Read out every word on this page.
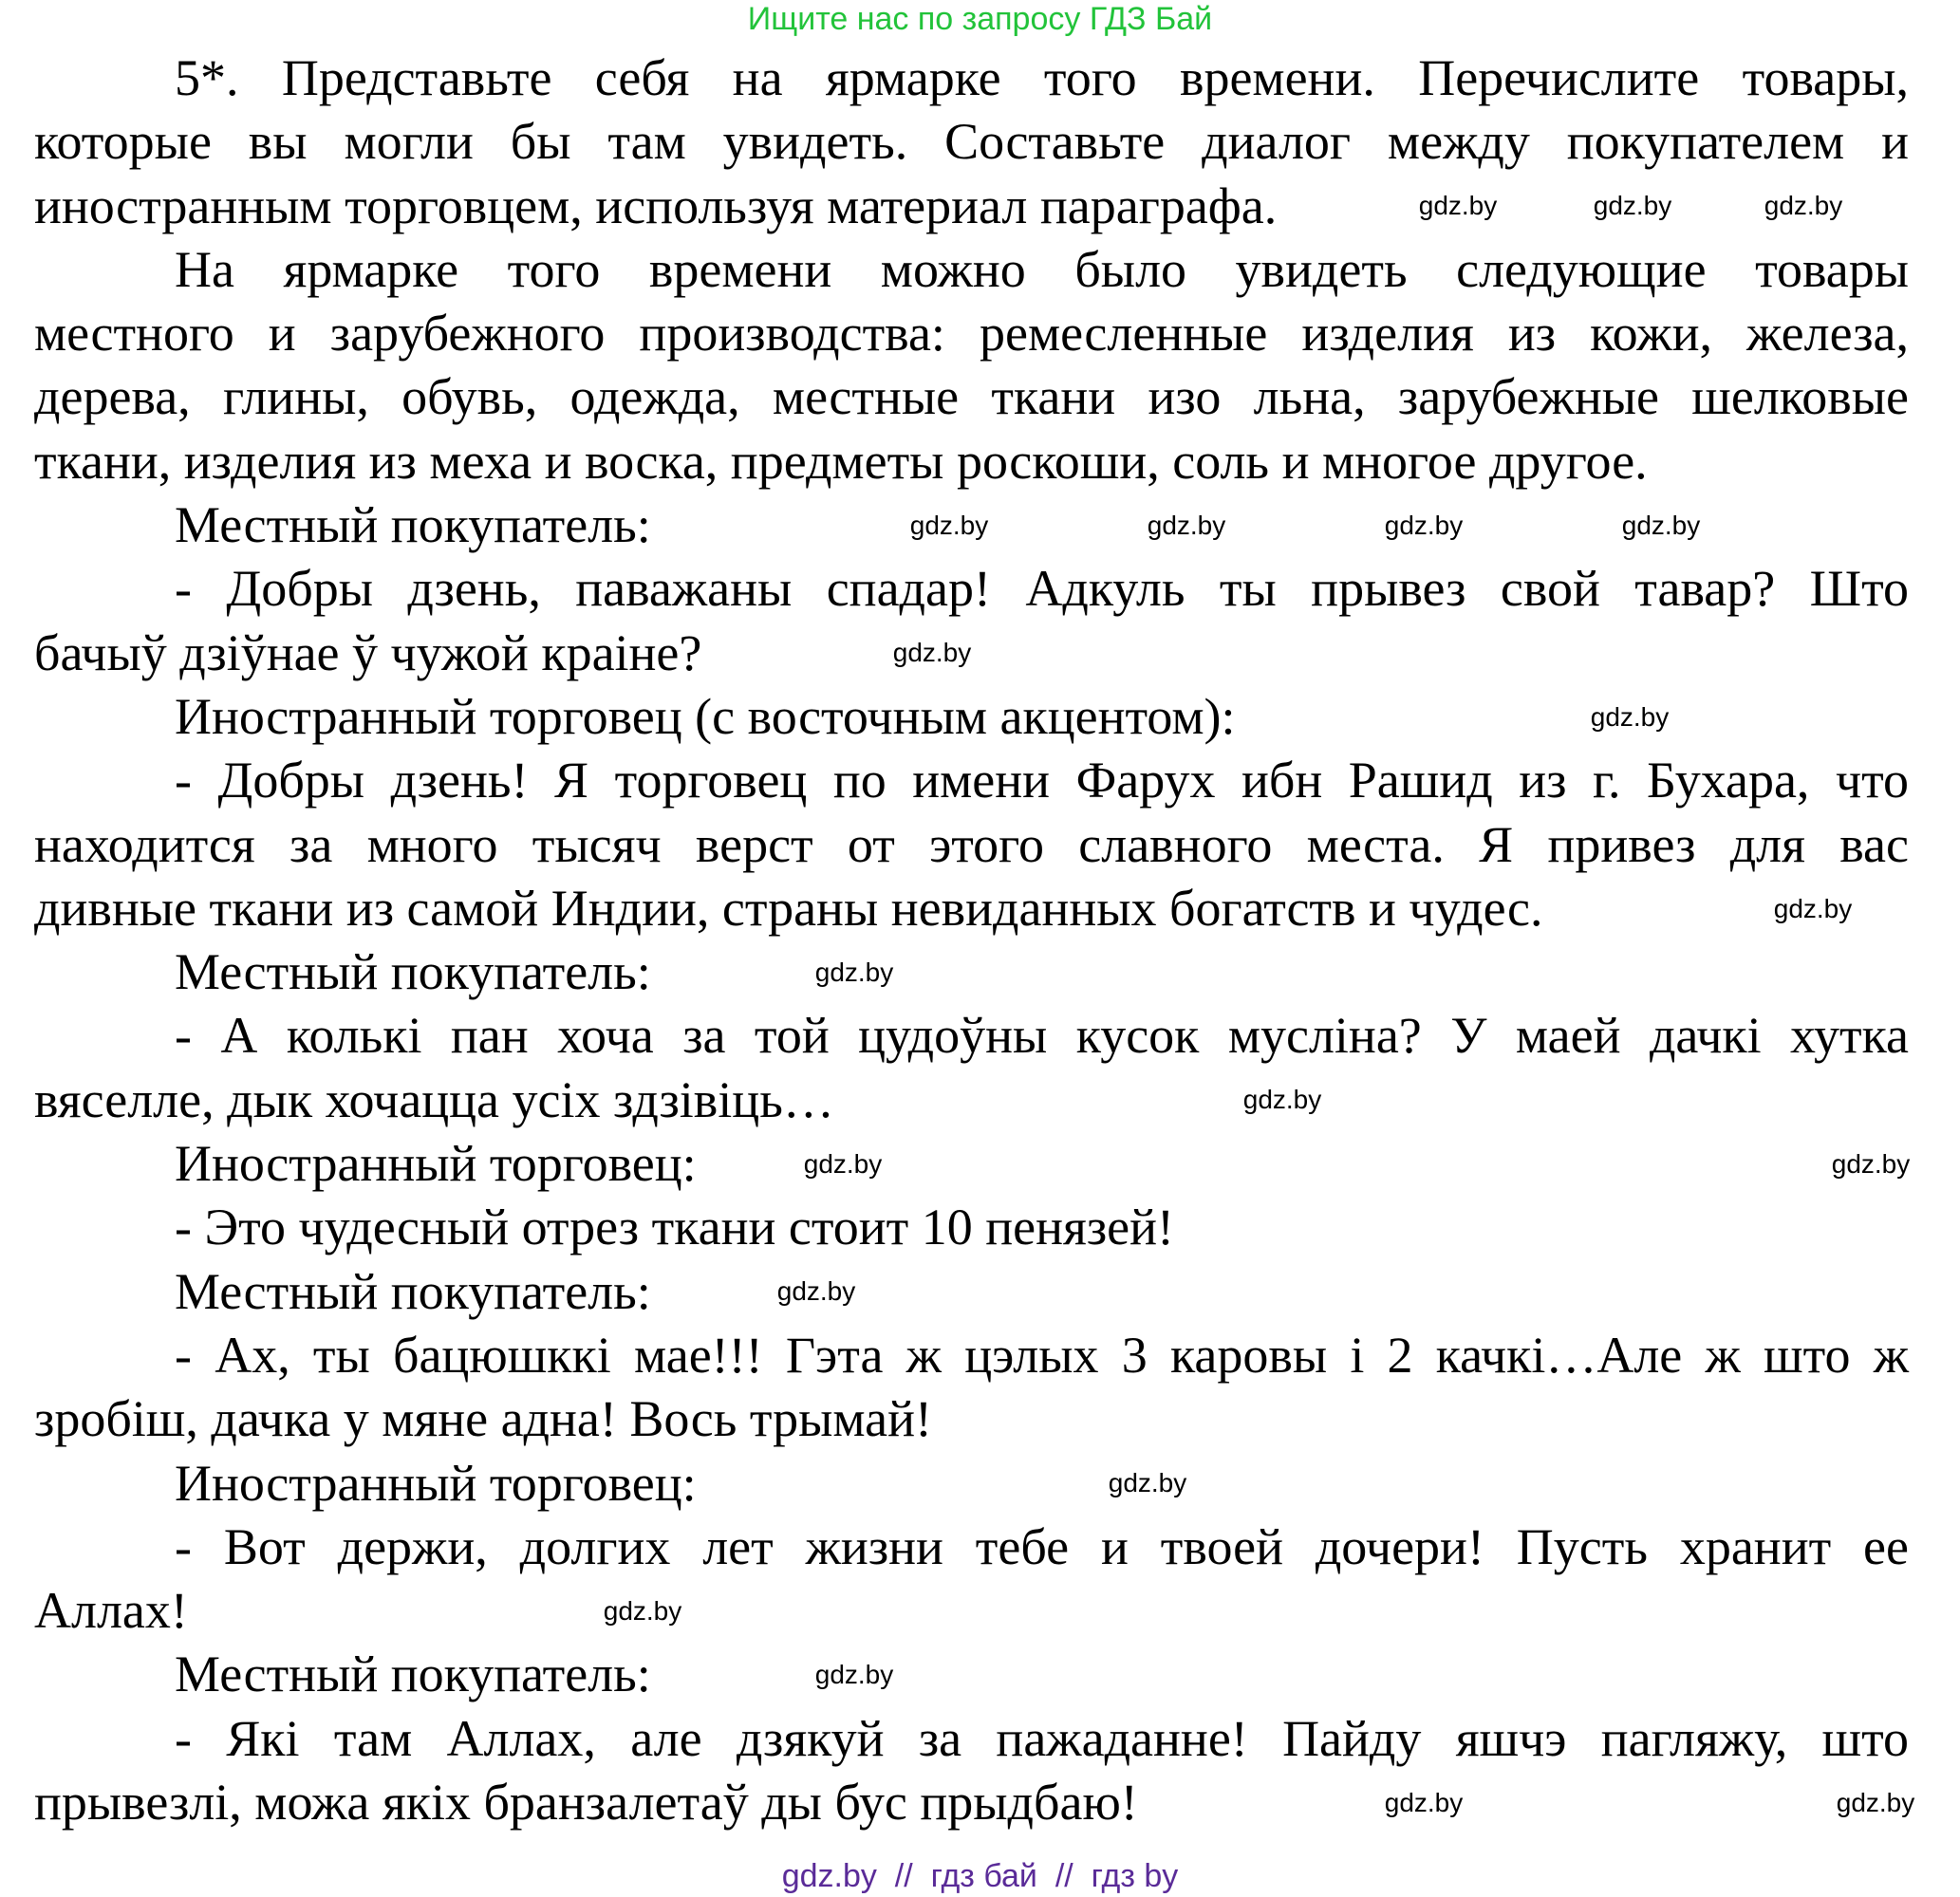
Ищите нас по запросу ГДЗ Бай
5*. Представьте себя на ярмарке того времени. Перечислите товары,
которые вы могли бы там увидеть. Составьте диалог между покупателем и
иностранным торговцем, используя материал параграфа.
На ярмарке того времени можно было увидеть следующие товары
местного и зарубежного производства: ремесленные изделия из кожи, железа,
дерева, глины, обувь, одежда, местные ткани изо льна, зарубежные шелковые
ткани, изделия из меха и воска, предметы роскоши, соль и многое другое.
Местный покупатель:
- Добры дзень, паважаны спадар! Адкуль ты прывез свой тавар? Што
бачыў дзіўнае ў чужой краіне?
Иностранный торговец (с восточным акцентом):
- Добры дзень! Я торговец по имени Фарух ибн Рашид из г. Бухара, что
находится за много тысяч верст от этого славного места. Я привез для вас
дивные ткани из самой Индии, страны невиданных богатств и чудес.
Местный покупатель:
- А колькі пан хоча за той цудоўны кусок мусліна? У маей дачкі хутка
вяселле, дык хочацца усіх здзівіць…
Иностранный торговец:
- Это чудесный отрез ткани стоит 10 пенязей!
Местный покупатель:
- Ах, ты бацюшккі мае!!! Гэта ж цэлых 3 каровы і 2 качкі…Але ж што ж
зробіш, дачка у мяне адна! Вось трымай!
Иностранный торговец:
- Вот держи, долгих лет жизни тебе и твоей дочери! Пусть хранит ее
Аллах!
Местный покупатель:
- Які там Аллах, але дзякуй за пажаданне! Пайду яшчэ пагляжу, што
прывезлі, можа якіх бранзалетаў ды бус прыдбаю!
gdz.by
gdz.by	gdz.by
gdz.by	gdz.by
gdz.by	gdz.by
gdz.by
gdz.by
gdz.by
gdz.by
gdz.by
gdz.by	gdz.by
gdz.by
gdz.by
gdz.by
gdz.by
gdz.by
gdz.by
gdz.by  //  гдз бай  //  гдз by
